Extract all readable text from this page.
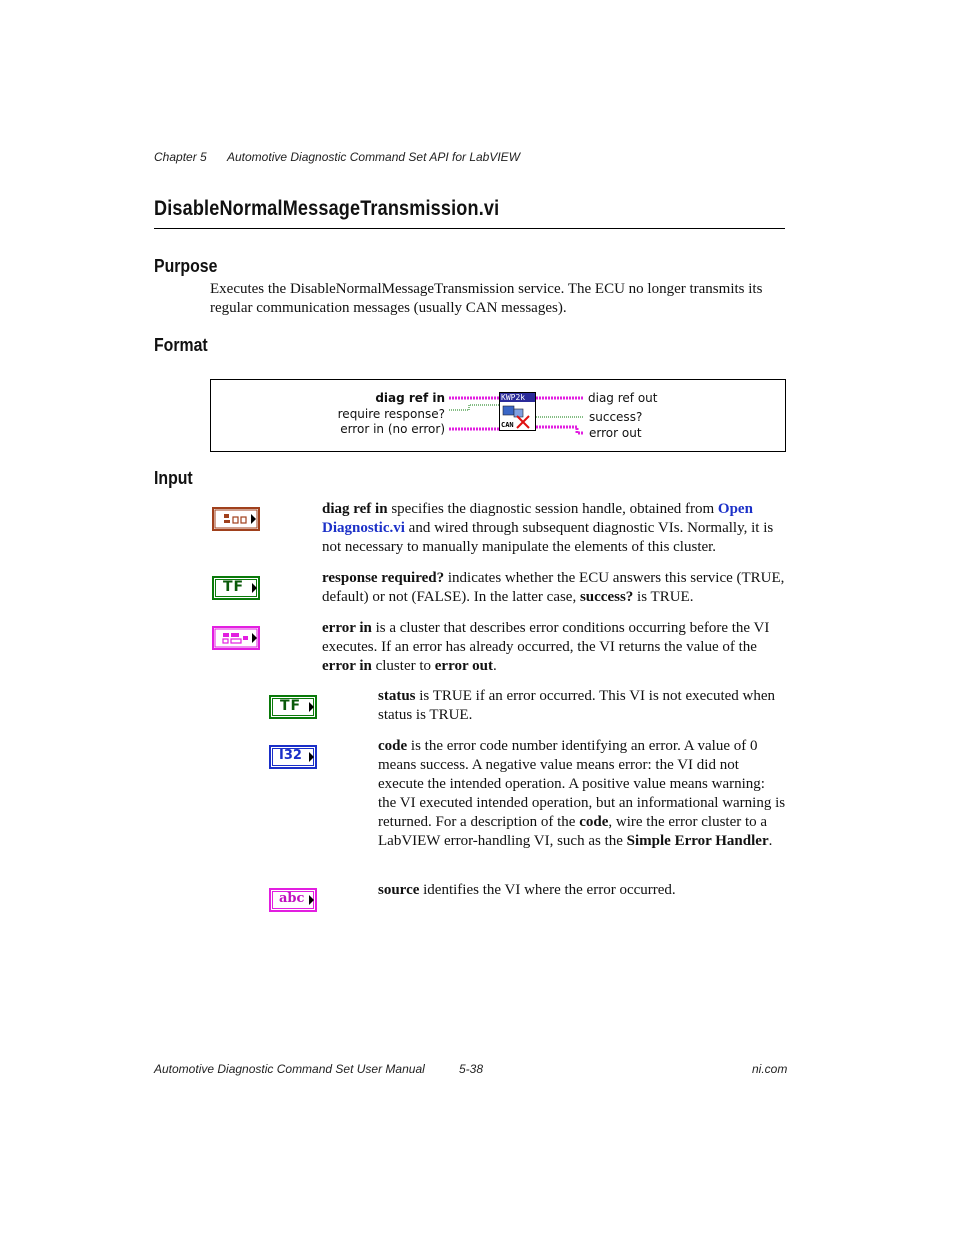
Chapter 5 Automotive Diagnostic Command Set API for LabVIEW
DisableNormalMessageTransmission.vi
Purpose
Executes the DisableNormalMessageTransmission service. The ECU no longer transmits its regular communication messages (usually CAN messages).
Format
diag ref in
require response?
error in (no error)
diag ref out
success?
error out
KWP2k
CAN
Input
diag ref in specifies the diagnostic session handle, obtained from Open Diagnostic.vi and wired through subsequent diagnostic VIs. Normally, it is not necessary to manually manipulate the elements of this cluster.
TF
response required? indicates whether the ECU answers this service (TRUE, default) or not (FALSE). In the latter case, success? is TRUE.
error in is a cluster that describes error conditions occurring before the VI executes. If an error has already occurred, the VI returns the value of the error in cluster to error out.
TF
status is TRUE if an error occurred. This VI is not executed when status is TRUE.
I32
code is the error code number identifying an error. A value of 0 means success. A negative value means error: the VI did not execute the intended operation. A positive value means warning: the VI executed intended operation, but an informational warning is returned. For a description of the code, wire the error cluster to a LabVIEW error-handling VI, such as the Simple Error Handler.
abc
source identifies the VI where the error occurred.
Automotive Diagnostic Command Set User Manual	5-38	ni.com
